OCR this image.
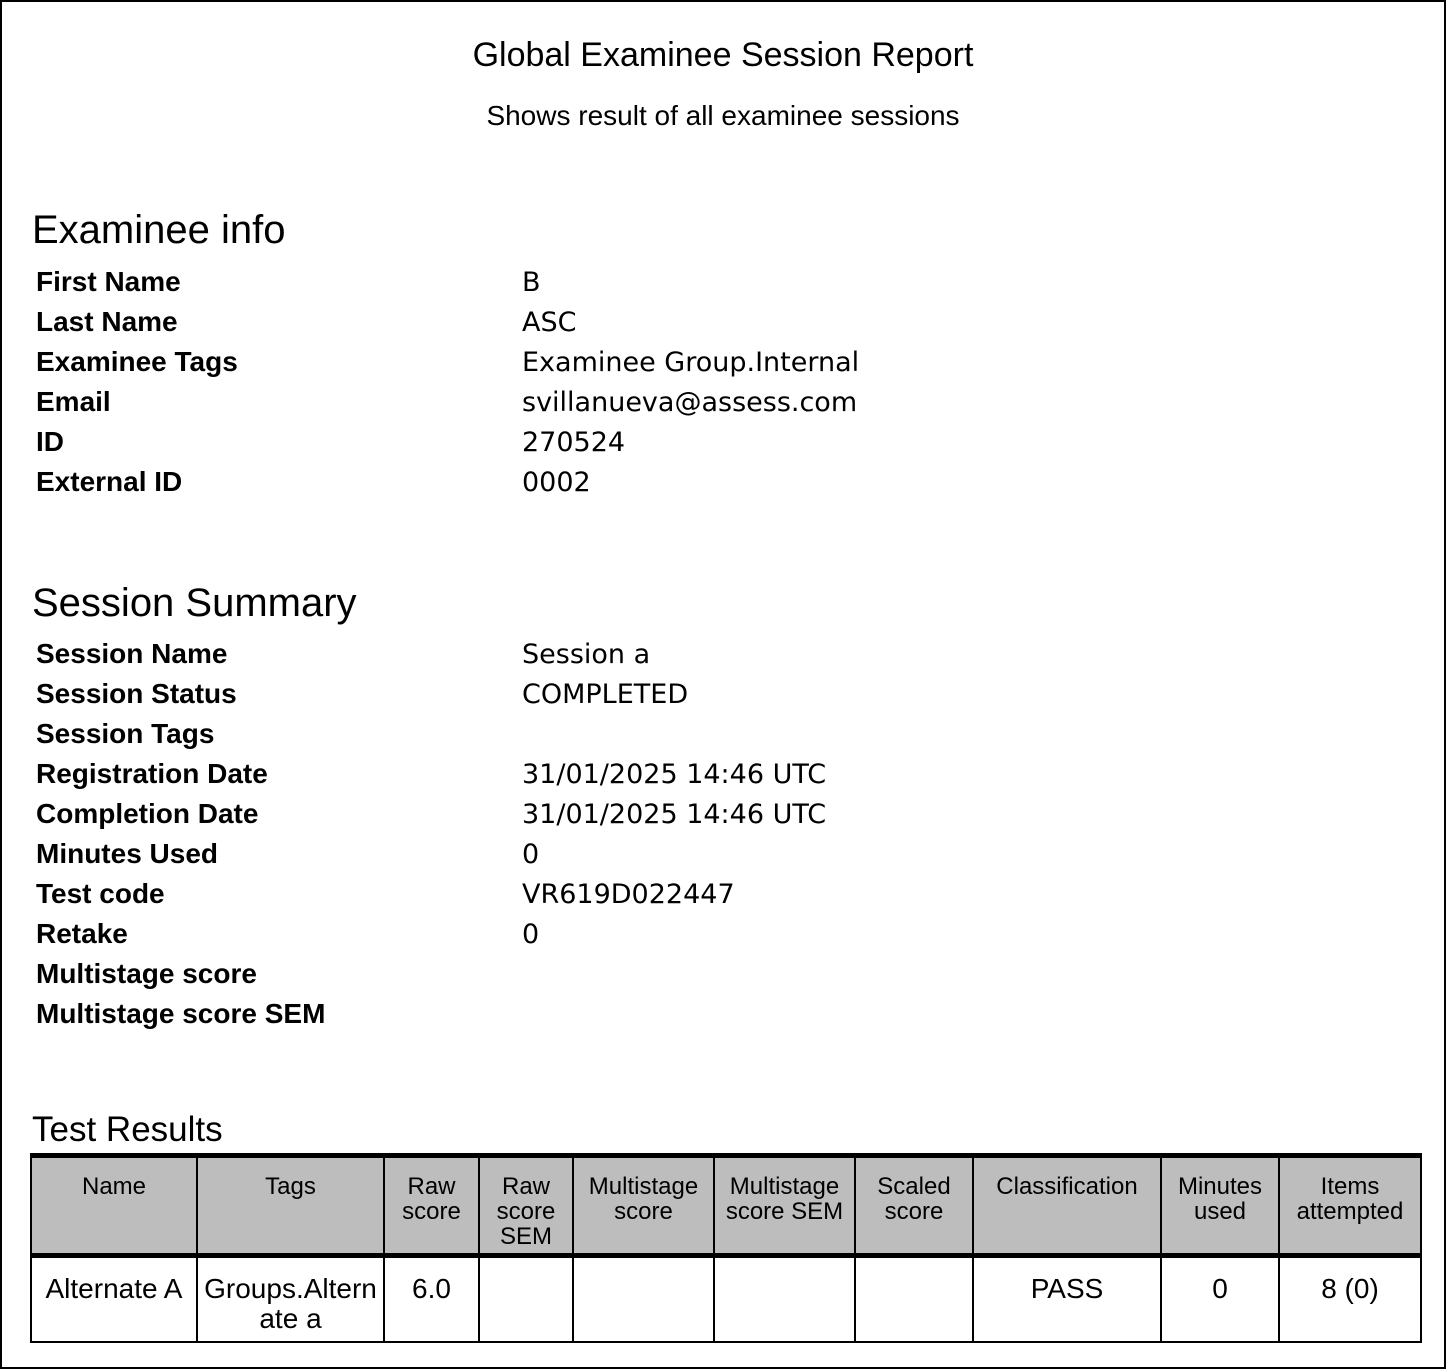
Global Examinee Session Report
Shows result of all examinee sessions
Examinee info
First Name	B
Last Name	ASC
Examinee Tags	Examinee Group.Internal
Email	svillanueva@assess.com
ID	270524
External ID	0002
Session Summary
Session Name	Session a
Session Status	COMPLETED
Session Tags
Registration Date	31/01/2025 14:46 UTC
Completion Date	31/01/2025 14:46 UTC
Minutes Used	0
Test code	VR619D022447
Retake	0
Multistage score
Multistage score SEM
Test Results
Name	Tags	Raw score	Raw score SEM	Multistage score	Multistage score SEM	Scaled score	Classification	Minutes used	Items attempted
Alternate A	Groups.Alternate a	6.0					PASS	0	8 (0)
